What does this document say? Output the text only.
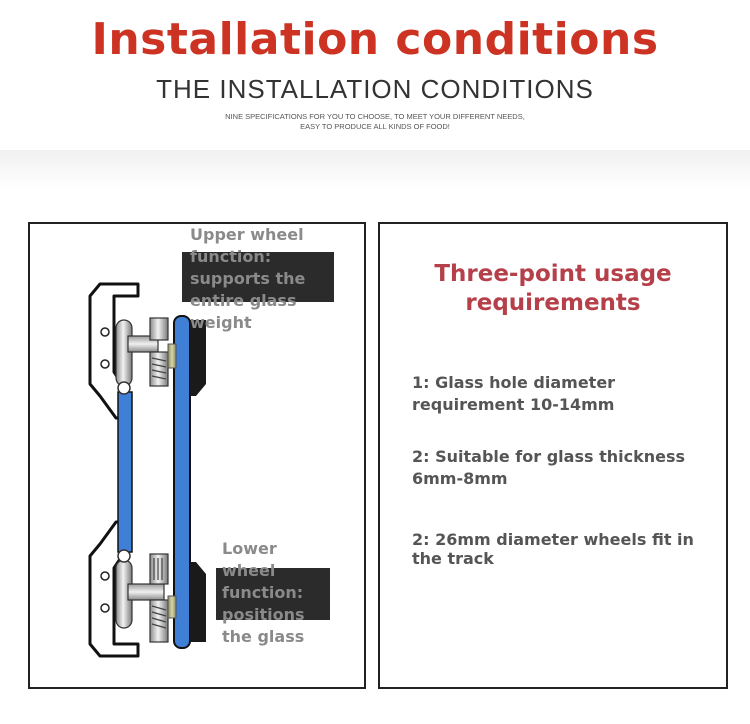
Installation conditions
THE INSTALLATION CONDITIONS
NINE SPECIFICATIONS FOR YOU TO CHOOSE, TO MEET YOUR DIFFERENT NEEDS,
EASY TO PRODUCE ALL KINDS OF FOOD!
Upper wheel
function:
supports the
entire glass
weight
Lower
wheel
function:
positions
the glass
Three-point usage
requirements
1: Glass hole diameter
requirement 10-14mm
2: Suitable for glass thickness
6mm-8mm
2: 26mm diameter wheels fit in
the track
